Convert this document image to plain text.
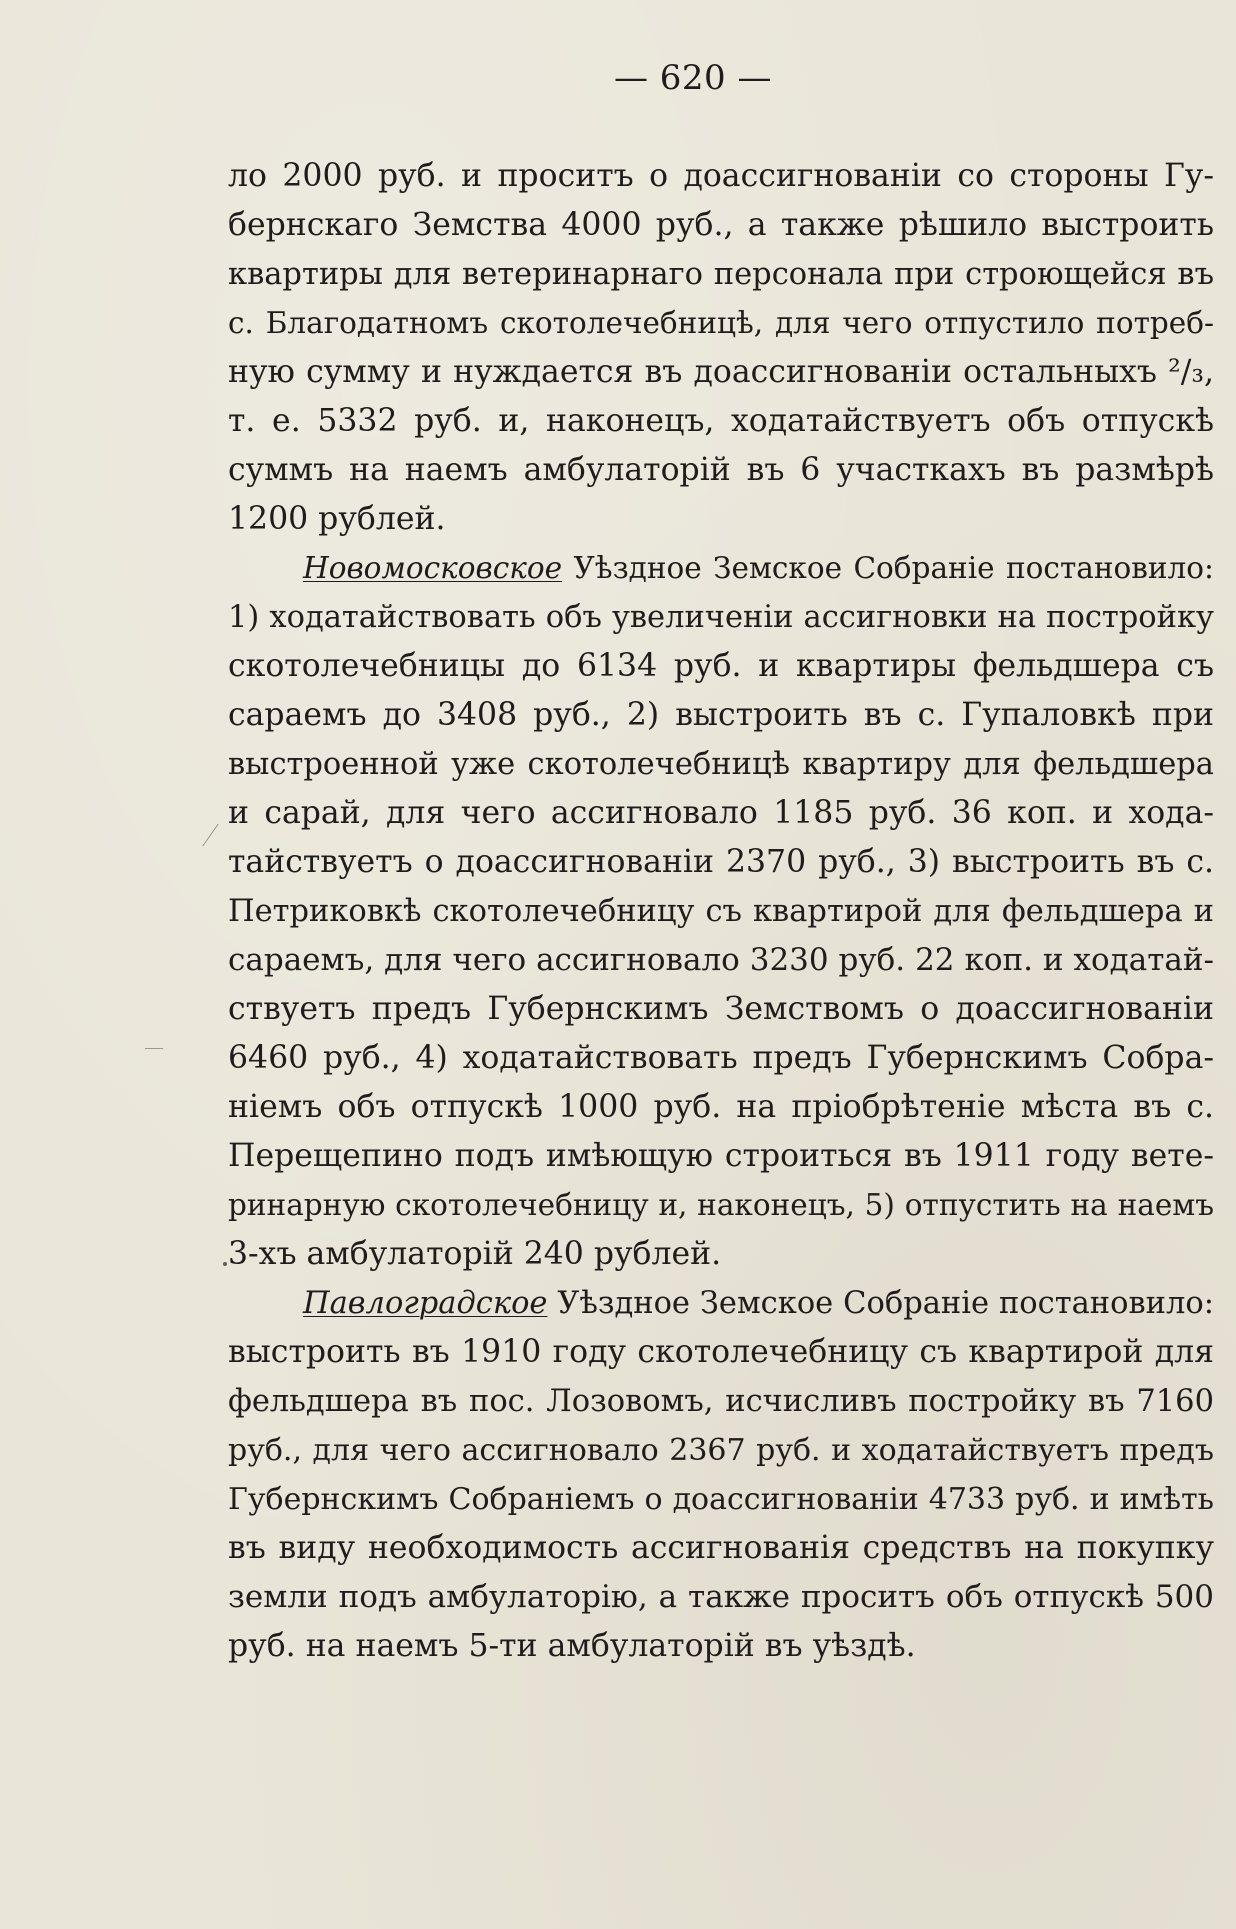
— 620 —
ло 2000 руб. и проситъ о доассигнованіи со стороны Гу-
бернскаго Земства 4000 руб., а также рѣшило выстроить
квартиры для ветеринарнаго персонала при строющейся въ
с. Благодатномъ скотолечебницѣ, для чего отпустило потреб-
ную сумму и нуждается въ доассигнованіи остальныхъ ²/₃,
т. е. 5332 руб. и, наконецъ, ходатайствуетъ объ отпускѣ
суммъ на наемъ амбулаторій въ 6 участкахъ въ размѣрѣ
1200 рублей.
Новомосковское Уѣздное Земское Собраніе постановило:
1) ходатайствовать объ увеличеніи ассигновки на постройку
скотолечебницы до 6134 руб. и квартиры фельдшера съ
сараемъ до 3408 руб., 2) выстроить въ с. Гупаловкѣ при
выстроенной уже скотолечебницѣ квартиру для фельдшера
и сарай, для чего ассигновало 1185 руб. 36 коп. и хода-
тайствуетъ о доассигнованіи 2370 руб., 3) выстроить въ с.
Петриковкѣ скотолечебницу съ квартирой для фельдшера и
сараемъ, для чего ассигновало 3230 руб. 22 коп. и ходатай-
ствуетъ предъ Губернскимъ Земствомъ о доассигнованіи
6460 руб., 4) ходатайствовать предъ Губернскимъ Собра-
ніемъ объ отпускѣ 1000 руб. на пріобрѣтеніе мѣста въ с.
Перещепино подъ имѣющую строиться въ 1911 году вете-
ринарную скотолечебницу и, наконецъ, 5) отпустить на наемъ
3-хъ амбулаторій 240 рублей.
Павлоградское Уѣздное Земское Собраніе постановило:
выстроить въ 1910 году скотолечебницу съ квартирой для
фельдшера въ пос. Лозовомъ, исчисливъ постройку въ 7160
руб., для чего ассигновало 2367 руб. и ходатайствуетъ предъ
Губернскимъ Собраніемъ о доассигнованіи 4733 руб. и имѣть
въ виду необходимость ассигнованія средствъ на покупку
земли подъ амбулаторію, а также проситъ объ отпускѣ 500
руб. на наемъ 5-ти амбулаторій въ уѣздѣ.
